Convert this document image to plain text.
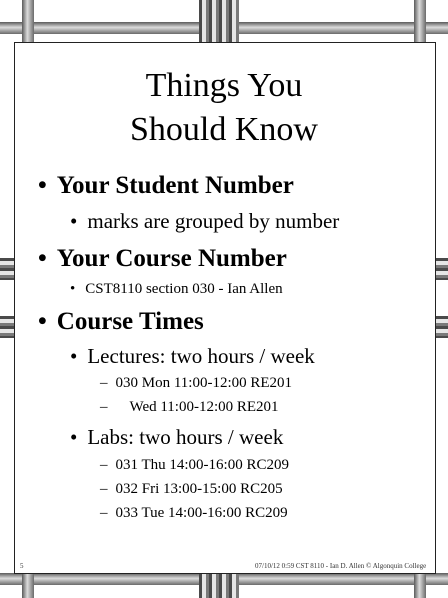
Things You
Should Know
• Your Student Number
• marks are grouped by number
• Your Course Number
• CST8110 section 030 - Ian Allen
• Course Times
• Lectures: two hours / week
– 030 Mon 11:00-12:00 RE201
– Wed 11:00-12:00 RE201
• Labs: two hours / week
– 031 Thu 14:00-16:00 RC209
– 032 Fri 13:00-15:00 RC205
– 033 Tue 14:00-16:00 RC209
5	07/10/12 0:59 CST 8110 - Ian D. Allen © Algonquin College
